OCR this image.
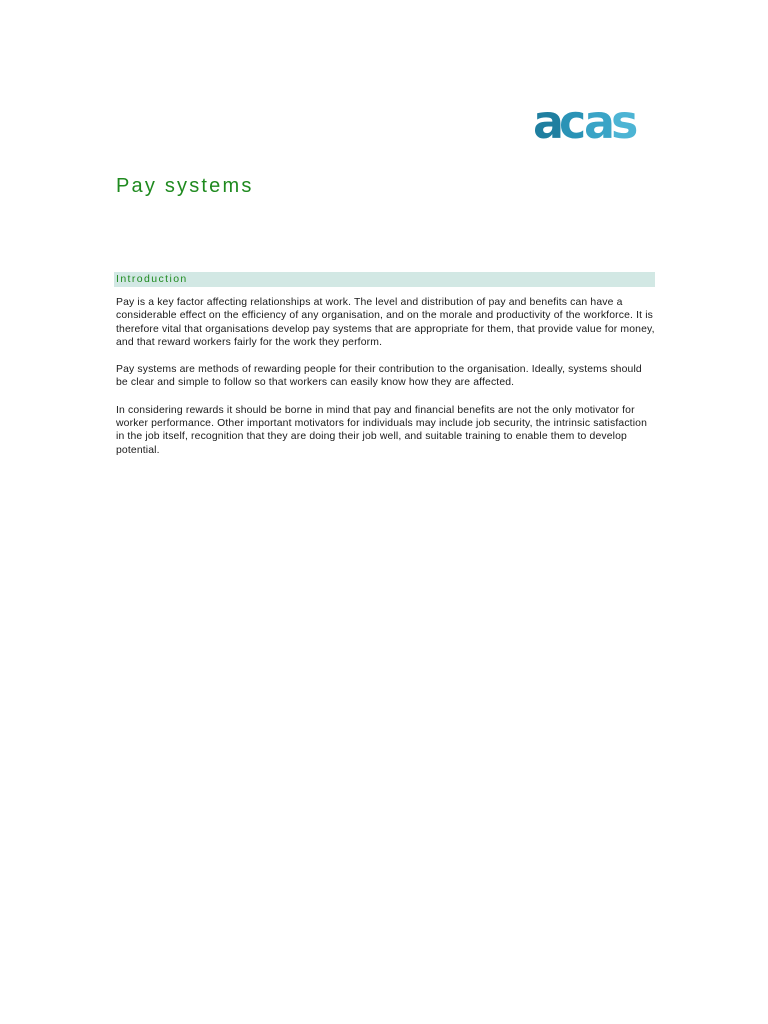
a
c a s
Pay systems
Introduction

Pay is a key factor affecting relationships at work. The level and distribution of pay and benefits can have a considerable effect on the efficiency of any organisation, and on the morale and productivity of the workforce. It is therefore vital that organisations develop pay systems that are appropriate for them, that provide value for money, and that reward workers fairly for the work they perform.

Pay systems are methods of rewarding people for their contribution to the organisation. Ideally, systems should be clear and simple to follow so that workers can easily know how they are affected.

In considering rewards it should be borne in mind that pay and financial benefits are not the only motivator for worker performance. Other important motivators for individuals may include job security, the intrinsic satisfaction in the job itself, recognition that they are doing their job well, and suitable training to enable them to develop potential.
